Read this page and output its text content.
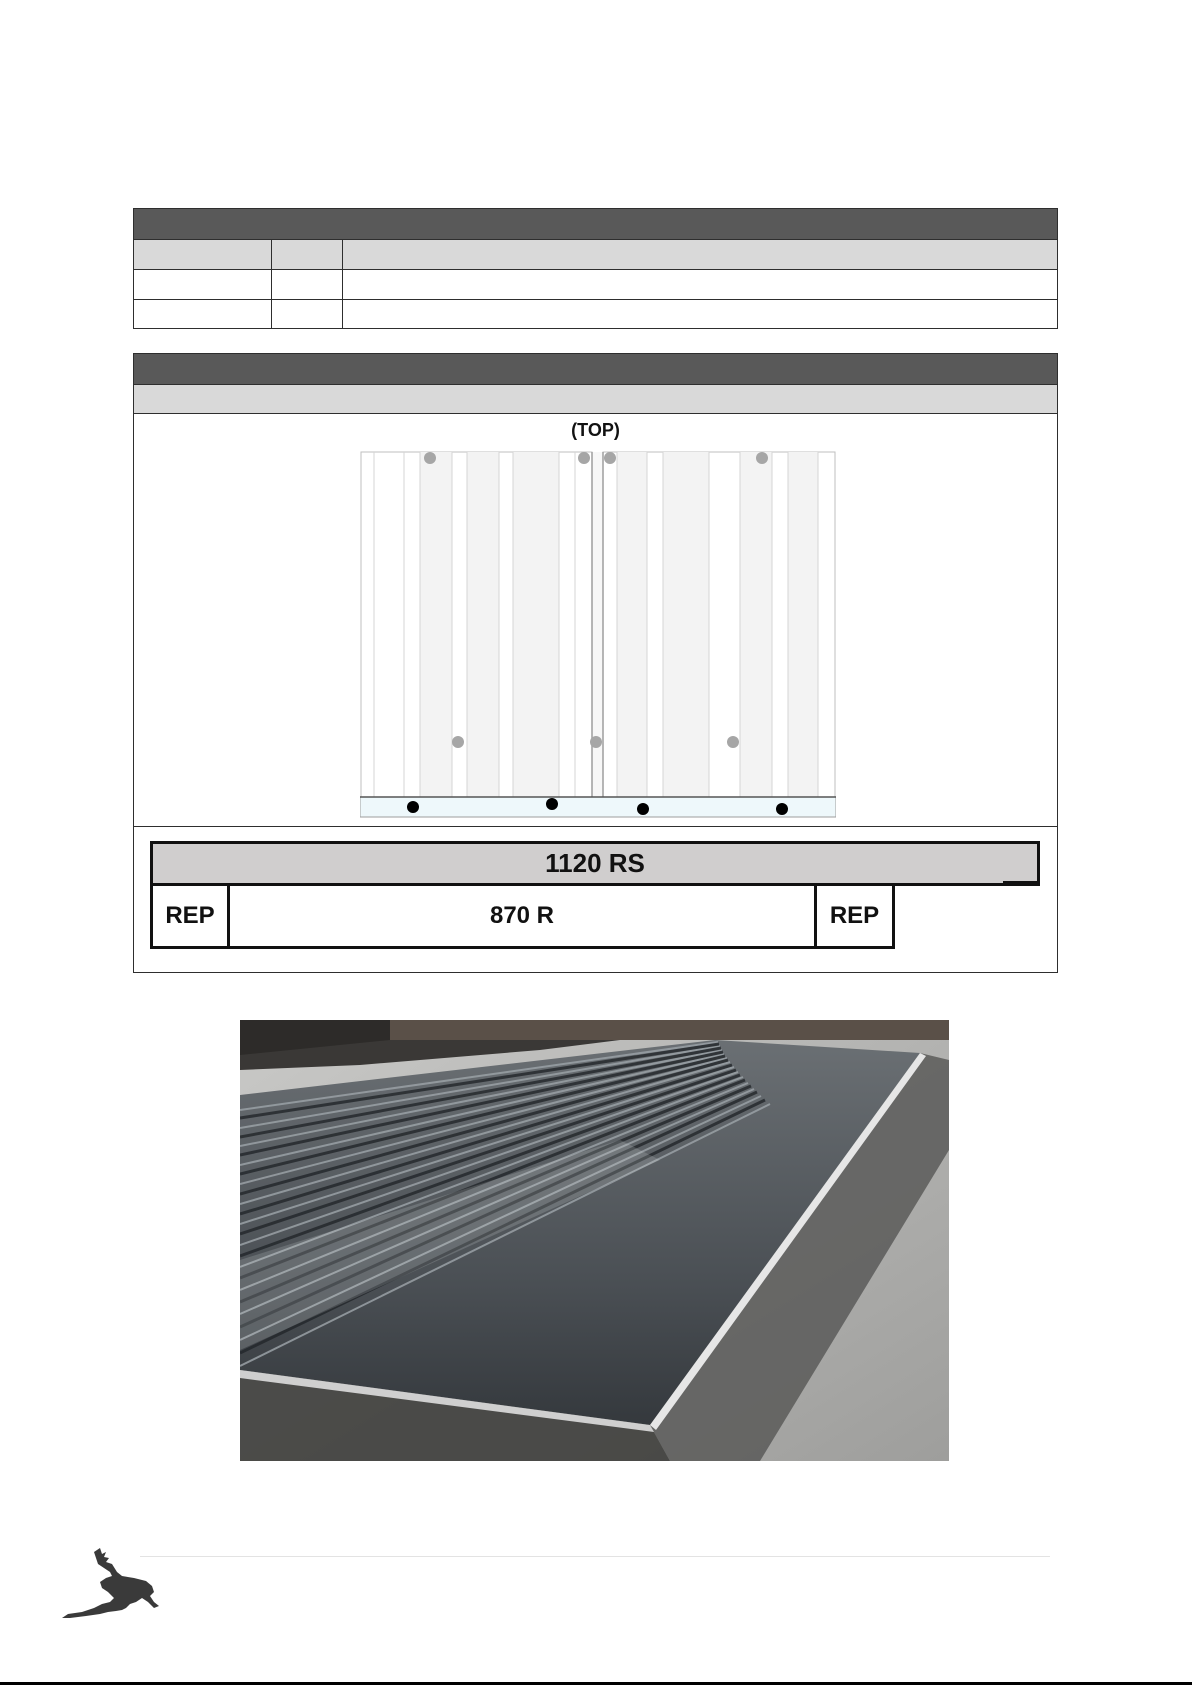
(TOP)
1120 RS
REP	870 R	REP
